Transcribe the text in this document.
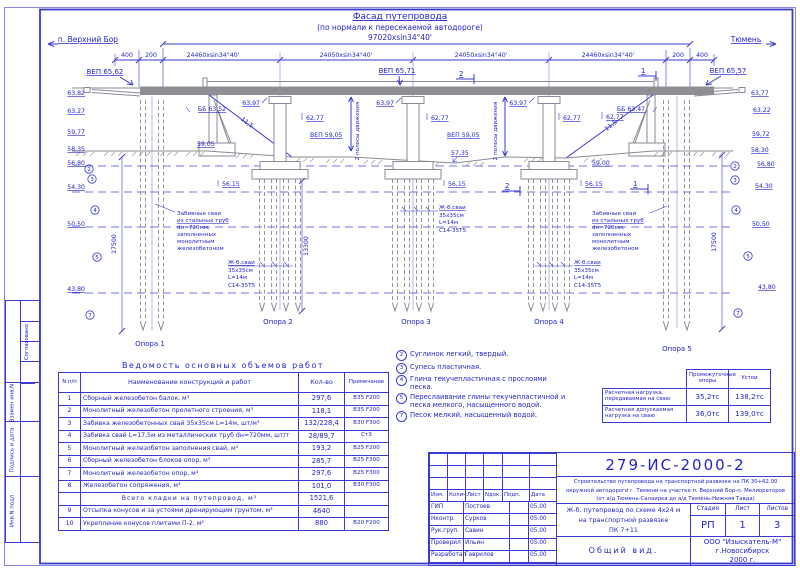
Фасад путепровода
(по нормали к пересекаемой автодороге)
97020xsin34°40'
п. Верхний Бор	Тюмень
400 200	200 400
24460xsin34°40'	24050xsin34°40'	24050xsin34°40'	24460xsin34°40'
11,5	11,5
59,05
59,00
17500	17500
13300
ВЕП 65,62	ВЕП 65,71	ВЕП 65,57
ББ 63,52	ББ 63,47
63,97	63,97	63,97
62,77	62,77	62,77	62,77
ВЕП 59,05	ВЕП 59,05
2 полосы движения	2 полосы движения
57,35
56,15	56,15	56,15
63,82
63,27
59,77
58,35
56,80
54,30
50,50
43,80
63,77
63,22
59,72
58,30
56,80
54,30
50,50
43,80
2
3
4
5
7
2
3
4
5
7
Опора 1
Опора 2	Опора 3	Опора 4
Опора 5
Забивные сваи
из стальных труб
dн=720мм,
заполненных
монолитным
железобетоном
Забивные сваи
из стальных труб
dн=720мм,
заполненных
монолитным
железобетоном
Ж-б.сваи
35х35см
L=14м
С14-35Т5
Ж-б.сваи
35х35см
L=14м
С14-35Т5
Ж-б.сваи
35х35см
L=14м
С14-35Т5
2	1
2	1
Ведомость основных объемов работ
N п/п	Наименование конструкций и работ	Кол-во	Примечание
1	Сборный железобетон балок, м³	297,6	В35 F200
2	Монолитный железобетон пролетного строения, м³	118,1	В35 F200
3	Забивка железобетонных свай 35х35см L=14м, шт/м³	132/228,4	В30 F300
4	Забивка свай L=17,5м из металлических труб dн=720мм, шт/т	28/89,7	Ст3
5	Монолитный железобетон заполнения свай, м³	193,2	В25 F200
6	Сборный железобетон блоков опор, м³	285,7	В25 F300
7	Монолитный железобетон опор, м³	297,6	В25 F300
8	Железобетон сопряжения, м³	101,0	В30 F300
	Всего кладки на путепровод, м³	1521,6	
9	Отсыпка конусов и за устоями дренирующим грунтом, м³	4640	
10	Укрепление конусов плитами П-2, м²	880	В20 F200
2 Суглинок легкий, твердый.
3 Супесь пластичная.
4 Глина текучепластичная с прослоями песка.
5 Переслаивание глины текучепластичной и песка мелкого, насыщенного водой.
7 Песок мелкий, насыщенный водой.
	Промежуточные опоры	Устои
Расчетная нагрузка, передаваемая на сваю	35,2тс	138,2тс
Расчетная допускаемая нагрузка на сваю	36,0тс	139,0тс

Изм.	Колич.	Лист	Nдок.	Подп.	Дата
ГИП	Постоев		05.00
Нконтр.	Сурков		05.00
Рук.груп.	Савин		05.00
Проверил	Ильин		05.00
Разработал	Гаврилов		05.00
279-ИС-2000-2
Строительство путепровода на транспортной развязке на ПК 30+62.00
окружной автодороги г. Тюмени на участке п. Верхний Бор-п. Мелиораторов
(от а/д Тюмень-Салаирка до а/д Тюмень-Нижняя Тавда)
Ж-б. путепровод по схеме 4х24 м
на транспортной развязке
ПК 7+11
Стадия	Лист	Листов
РП	1	3
Общий вид.
ООО "Изыскатель-М"
г.Новосибирск
2000 г.
Согласовано
Взамен инв.N
Подпись и дата
Инв.N подл.
